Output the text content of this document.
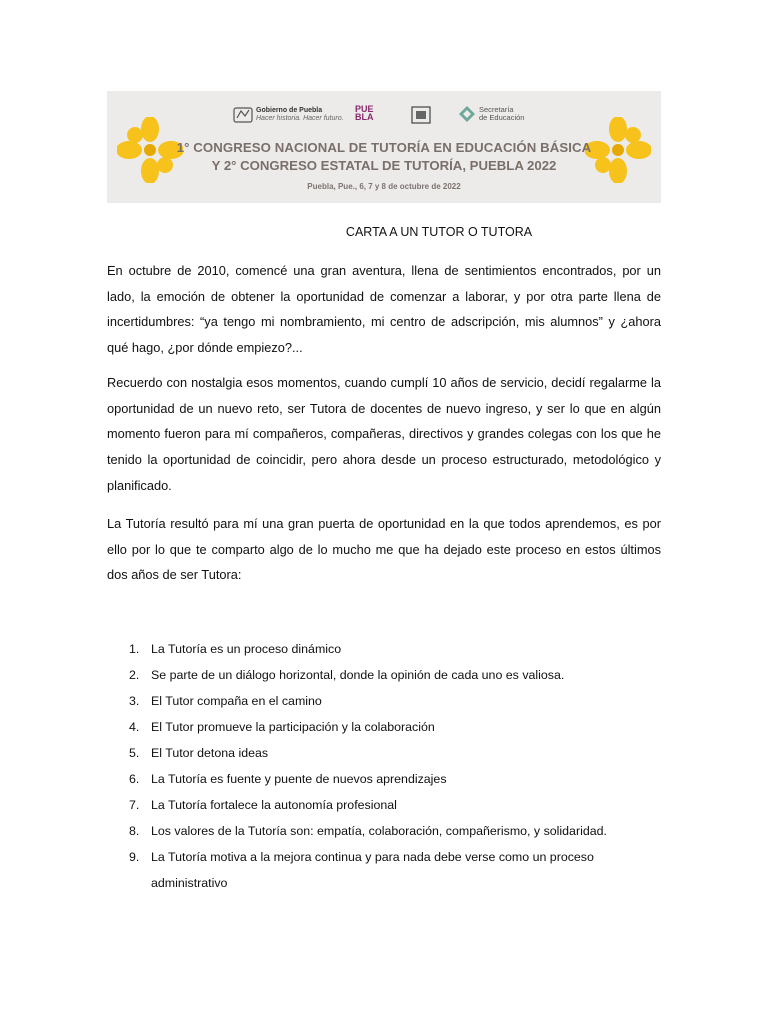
Gobierno de Puebla
Hacer historia. Hacer futuro.
PUE
BLA
Secretaría
de Educación
1° CONGRESO NACIONAL DE TUTORÍA EN EDUCACIÓN BÁSICA
Y 2° CONGRESO ESTATAL DE TUTORÍA, PUEBLA 2022
Puebla, Pue., 6, 7 y 8 de octubre de 2022
CARTA A UN TUTOR O TUTORA

En octubre de 2010, comencé una gran aventura, llena de sentimientos encontrados, por un lado, la emoción de obtener la oportunidad de comenzar a laborar, y por otra parte llena de incertidumbres: “ya tengo mi nombramiento, mi centro de adscripción, mis alumnos” y ¿ahora qué hago, ¿por dónde empiezo?...

Recuerdo con nostalgia esos momentos, cuando cumplí 10 años de servicio, decidí regalarme la oportunidad de un nuevo reto, ser Tutora de docentes de nuevo ingreso, y ser lo que en algún momento fueron para mí compañeros, compañeras, directivos y grandes colegas con los que he tenido la oportunidad de coincidir, pero ahora desde un proceso estructurado, metodológico y planificado.

La Tutoría resultó para mí una gran puerta de oportunidad en la que todos aprendemos, es por ello por lo que te comparto algo de lo mucho me que ha dejado este proceso en estos últimos dos años de ser Tutora:

1. La Tutoría es un proceso dinámico
2. Se parte de un diálogo horizontal, donde la opinión de cada uno es valiosa.
3. El Tutor compaña en el camino
4. El Tutor promueve la participación y la colaboración
5. El Tutor detona ideas
6. La Tutoría es fuente y puente de nuevos aprendizajes
7. La Tutoría fortalece la autonomía profesional
8. Los valores de la Tutoría son: empatía, colaboración, compañerismo, y solidaridad.
9. La Tutoría motiva a la mejora continua y para nada debe verse como un proceso administrativo
